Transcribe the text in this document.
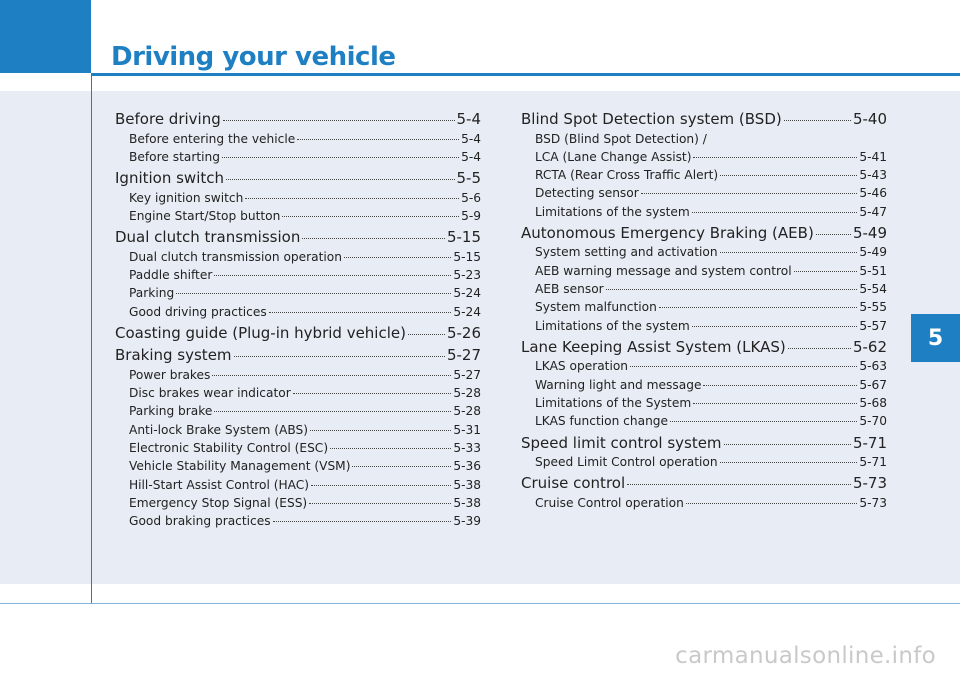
Driving your vehicle
5
Before driving	5-4
Before entering the vehicle	5-4
Before starting	5-4
Ignition switch	5-5
Key ignition switch	5-6
Engine Start/Stop button	5-9
Dual clutch transmission	5-15
Dual clutch transmission operation	5-15
Paddle shifter	5-23
Parking	5-24
Good driving practices	5-24
Coasting guide (Plug-in hybrid vehicle)	5-26
Braking system	5-27
Power brakes	5-27
Disc brakes wear indicator	5-28
Parking brake	5-28
Anti-lock Brake System (ABS)	5-31
Electronic Stability Control (ESC)	5-33
Vehicle Stability Management (VSM)	5-36
Hill-Start Assist Control (HAC)	5-38
Emergency Stop Signal (ESS)	5-38
Good braking practices	5-39
Blind Spot Detection system (BSD)	5-40
BSD (Blind Spot Detection) /
LCA (Lane Change Assist)	5-41
RCTA (Rear Cross Traffic Alert)	5-43
Detecting sensor	5-46
Limitations of the system	5-47
Autonomous Emergency Braking (AEB)	5-49
System setting and activation	5-49
AEB warning message and system control	5-51
AEB sensor	5-54
System malfunction	5-55
Limitations of the system	5-57
Lane Keeping Assist System (LKAS)	5-62
LKAS operation	5-63
Warning light and message	5-67
Limitations of the System	5-68
LKAS function change	5-70
Speed limit control system	5-71
Speed Limit Control operation	5-71
Cruise control	5-73
Cruise Control operation	5-73
carmanualsonline.info
